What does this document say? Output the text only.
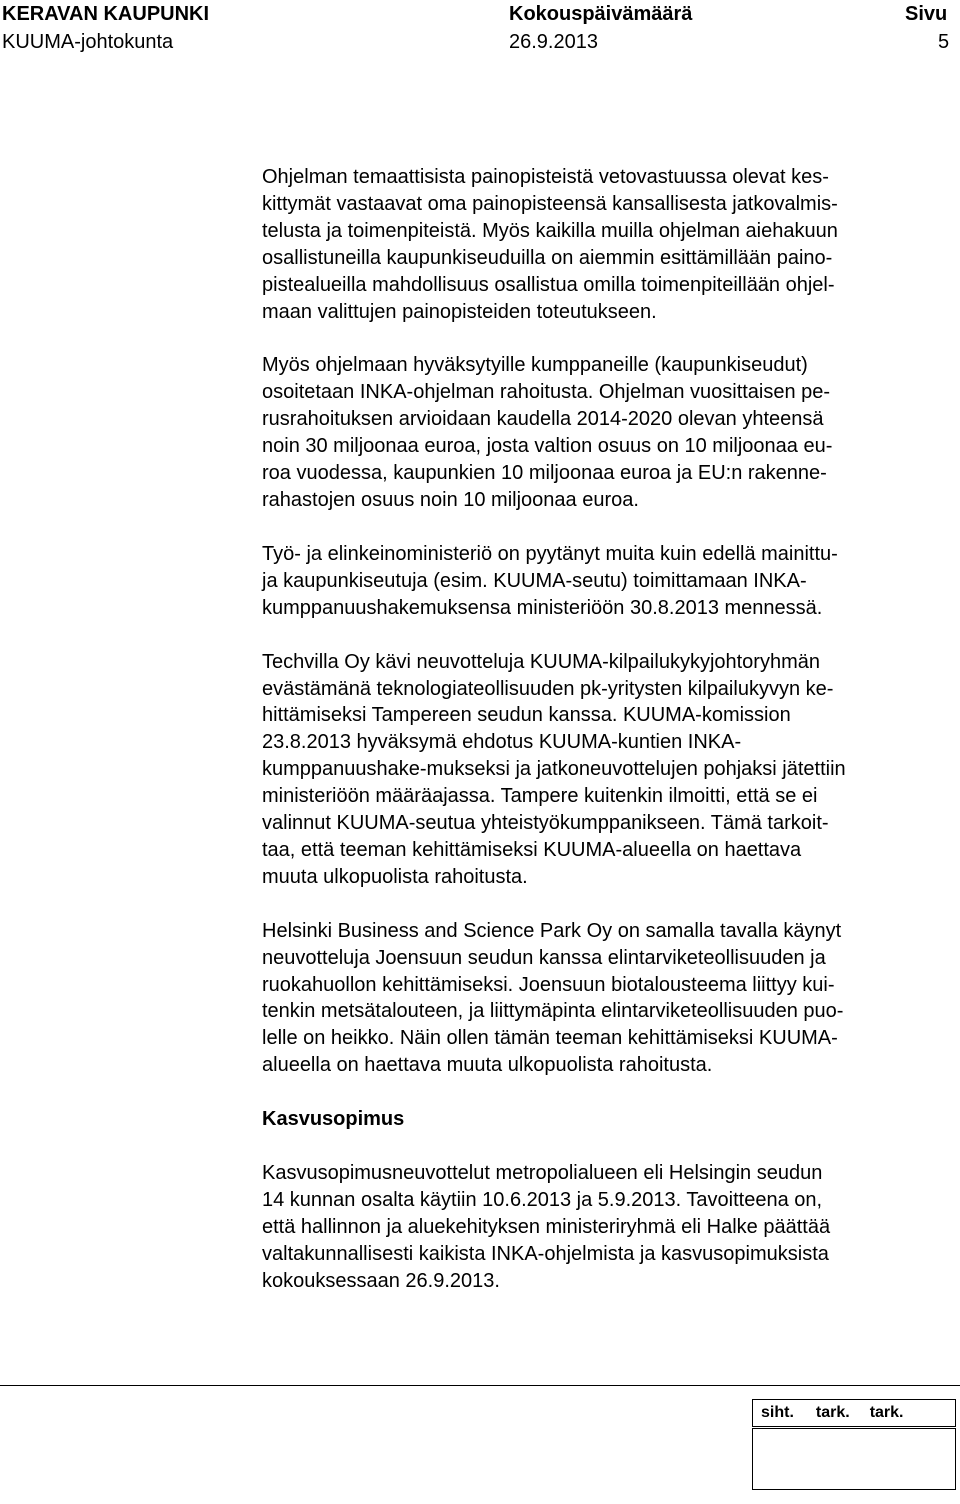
KERAVAN KAUPUNKI
KUUMA-johtokunta
Kokouspäivämäärä
26.9.2013
Sivu
5
Ohjelman temaattisista painopisteistä vetovastuussa olevat kes-
kittymät vastaavat oma painopisteensä kansallisesta jatkovalmis-
telusta ja toimenpiteistä. Myös kaikilla muilla ohjelman aiehakuun
osallistuneilla kaupunkiseuduilla on aiemmin esittämillään paino-
pistealueilla mahdollisuus osallistua omilla toimenpiteillään ohjel-
maan valittujen painopisteiden toteutukseen.
Myös ohjelmaan hyväksytyille kumppaneille (kaupunkiseudut)
osoitetaan INKA-ohjelman rahoitusta. Ohjelman vuosittaisen pe-
rusrahoituksen arvioidaan kaudella 2014-2020 olevan yhteensä
noin 30 miljoonaa euroa, josta valtion osuus on 10 miljoonaa eu-
roa vuodessa, kaupunkien 10 miljoonaa euroa ja EU:n rakenne-
rahastojen osuus noin 10 miljoonaa euroa.
Työ- ja elinkeinoministeriö on pyytänyt muita kuin edellä mainittu-
ja kaupunkiseutuja (esim. KUUMA-seutu) toimittamaan INKA-
kumppanuushakemuksensa ministeriöön 30.8.2013 mennessä.
Techvilla Oy kävi neuvotteluja KUUMA-kilpailukykyjohtoryhmän
evästämänä teknologiateollisuuden pk-yritysten kilpailukyvyn ke-
hittämiseksi Tampereen seudun kanssa. KUUMA-komission
23.8.2013 hyväksymä ehdotus KUUMA-kuntien INKA-
kumppanuushake-mukseksi ja jatkoneuvottelujen pohjaksi jätettiin
ministeriöön määräajassa. Tampere kuitenkin ilmoitti, että se ei
valinnut KUUMA-seutua yhteistyökumppanikseen. Tämä tarkoit-
taa, että teeman kehittämiseksi KUUMA-alueella on haettava
muuta ulkopuolista rahoitusta.
Helsinki Business and Science Park Oy on samalla tavalla käynyt
neuvotteluja Joensuun seudun kanssa elintarviketeollisuuden ja
ruokahuollon kehittämiseksi. Joensuun biotalousteema liittyy kui-
tenkin metsätalouteen, ja liittymäpinta elintarviketeollisuuden puo-
lelle on heikko. Näin ollen tämän teeman kehittämiseksi KUUMA-
alueella on haettava muuta ulkopuolista rahoitusta.
Kasvusopimus
Kasvusopimusneuvottelut metropolialueen eli Helsingin seudun
14 kunnan osalta käytiin 10.6.2013 ja 5.9.2013. Tavoitteena on,
että hallinnon ja aluekehityksen ministeriryhmä eli Halke päättää
valtakunnallisesti kaikista INKA-ohjelmista ja kasvusopimuksista
kokouksessaan 26.9.2013.
siht.	tark.	tark.
